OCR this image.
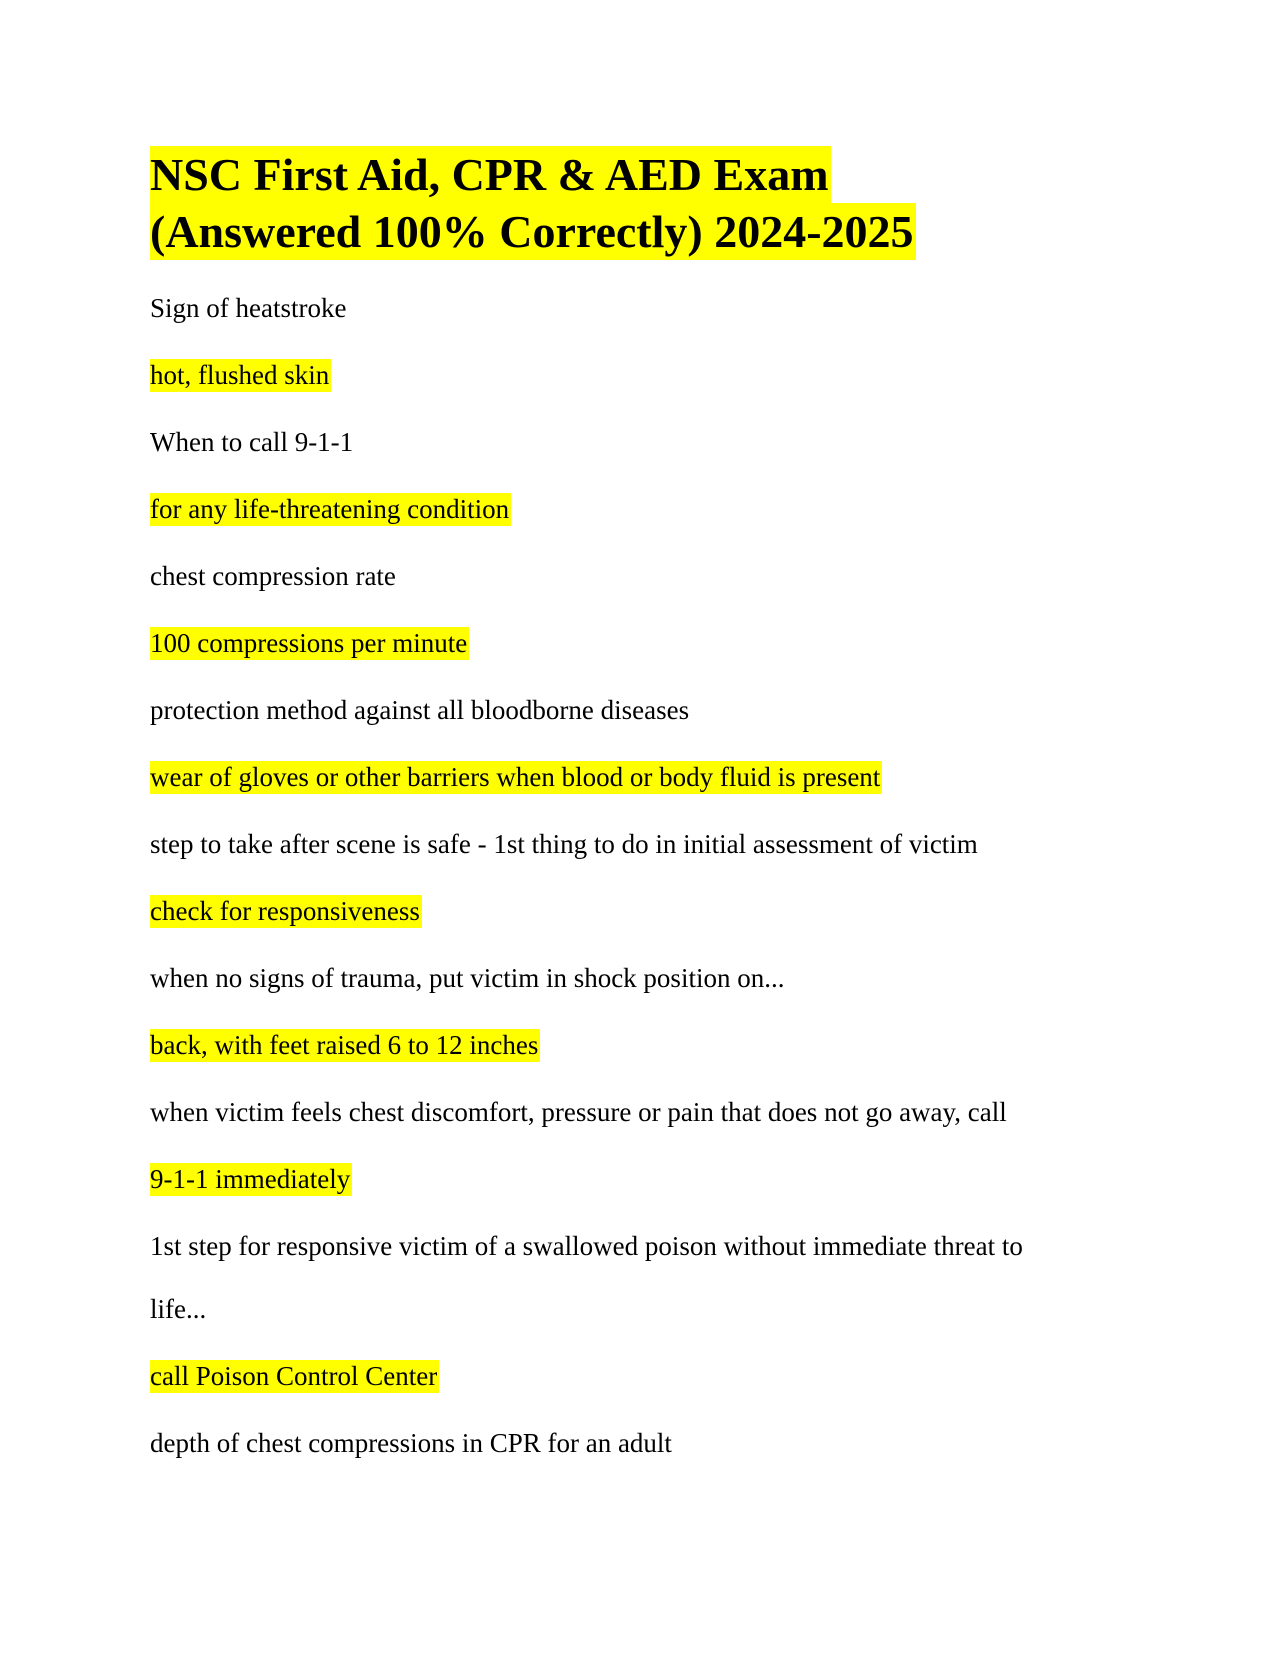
NSC First Aid, CPR & AED Exam
(Answered 100% Correctly) 2024-2025
Sign of heatstroke
hot, flushed skin
When to call 9-1-1
for any life-threatening condition
chest compression rate
100 compressions per minute
protection method against all bloodborne diseases
wear of gloves or other barriers when blood or body fluid is present
step to take after scene is safe - 1st thing to do in initial assessment of victim
check for responsiveness
when no signs of trauma, put victim in shock position on...
back, with feet raised 6 to 12 inches
when victim feels chest discomfort, pressure or pain that does not go away, call
9-1-1 immediately
1st step for responsive victim of a swallowed poison without immediate threat to
life...
call Poison Control Center
depth of chest compressions in CPR for an adult
